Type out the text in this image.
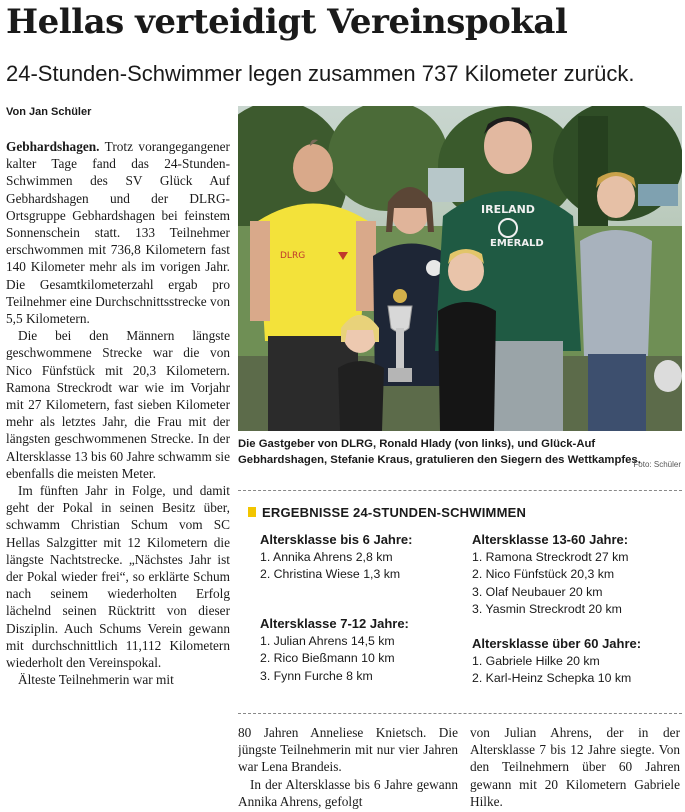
Hellas verteidigt Vereinspokal
24-Stunden-Schwimmer legen zusammen 737 Kilometer zurück.
Von Jan Schüler

Gebhardshagen. Trotz vorangegangener kalter Tage fand das 24-Stunden-Schwimmen des SV Glück Auf Gebhardshagen und der DLRG-Ortsgruppe Gebhardshagen bei feinstem Sonnenschein statt. 133 Teilnehmer erschwommen mit 736,8 Kilometern fast 140 Kilometer mehr als im vorigen Jahr. Die Gesamtkilometerzahl ergab pro Teilnehmer eine Durchschnittsstrecke von 5,5 Kilometern.

Die bei den Männern längste geschwommene Strecke war die von Nico Fünfstück mit 20,3 Kilometern. Ramona Streckrodt war wie im Vorjahr mit 27 Kilometern, fast sieben Kilometer mehr als letztes Jahr, die Frau mit der längsten geschwommenen Strecke. In der Altersklasse 13 bis 60 Jahre schwamm sie ebenfalls die meisten Meter.

Im fünften Jahr in Folge, und damit geht der Pokal in seinen Besitz über, schwamm Christian Schum vom SC Hellas Salzgitter mit 12 Kilometern die längste Nachtstrecke. „Nächstes Jahr ist der Pokal wieder frei“, so erklärte Schum nach seinem wiederholten Erfolg lächelnd seinen Rücktritt von dieser Disziplin. Auch Schums Verein gewann mit durchschnittlich 11,112 Kilometern wiederholt den Vereinspokal.

Älteste Teilnehmerin war mit

DLRG
IRELAND
EMERALD
Die Gastgeber von DLRG, Ronald Hlady (von links), und Glück-Auf Gebhardshagen, Stefanie Kraus, gratulieren den Siegern des Wettkampfes.
Foto: Schüler
ERGEBNISSE 24-STUNDEN-SCHWIMMEN
Altersklasse bis 6 Jahre:
1. Annika Ahrens 2,8 km
2. Christina Wiese 1,3 km
Altersklasse 7-12 Jahre:
1. Julian Ahrens 14,5 km
2. Rico Bießmann 10 km
3. Fynn Furche 8 km
Altersklasse 13-60 Jahre:
1. Ramona Streckrodt 27 km
2. Nico Fünfstück 20,3 km
3. Olaf Neubauer 20 km
3. Yasmin Streckrodt 20 km
Altersklasse über 60 Jahre:
1. Gabriele Hilke 20 km
2. Karl-Heinz Schepka 10 km

80 Jahren Anneliese Knietsch. Die jüngste Teilnehmerin mit nur vier Jahren war Lena Brandeis.

In der Altersklasse bis 6 Jahre gewann Annika Ahrens, gefolgt

von Julian Ahrens, der in der Altersklasse 7 bis 12 Jahre siegte. Von den Teilnehmern über 60 Jahren gewann mit 20 Kilometern Gabriele Hilke.
